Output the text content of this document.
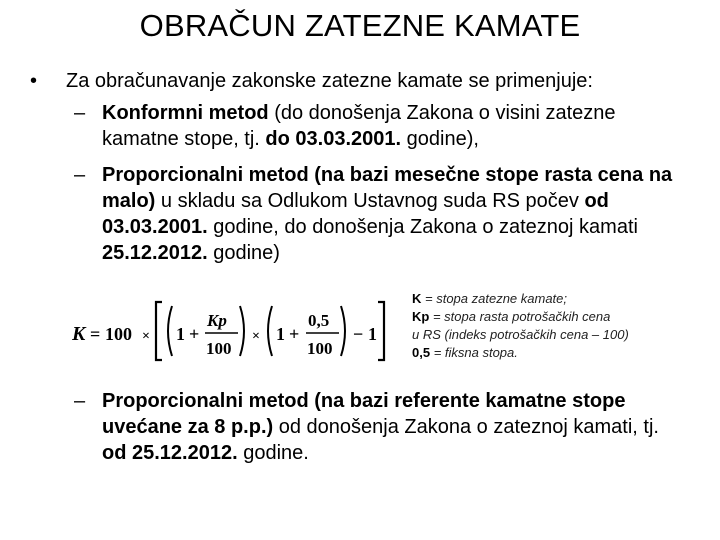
OBRAČUN ZATEZNE KAMATE
• Za obračunavanje zakonske zatezne kamate se primenjuje:
– Konformni metod (do donošenja Zakona o visini zatezne kamatne stope, tj. do 03.03.2001. godine),
– Proporcionalni metod (na bazi mesečne stope rasta cena na malo) u skladu sa Odlukom Ustavnog suda RS počev od 03.03.2001. godine, do donošenja Zakona o zateznoj kamati 25.12.2012. godine)
K = 100 × 1 +
Kp
100
× 1 +
0,5
100
− 1
K = stopa zatezne kamate;
Kp = stopa rasta potrošačkih cena
u RS (indeks potrošačkih cena – 100)
0,5 = fiksna stopa.
– Proporcionalni metod (na bazi referente kamatne stope uvećane za 8 p.p.) od donošenja Zakona o zateznoj kamati, tj. od 25.12.2012. godine.
